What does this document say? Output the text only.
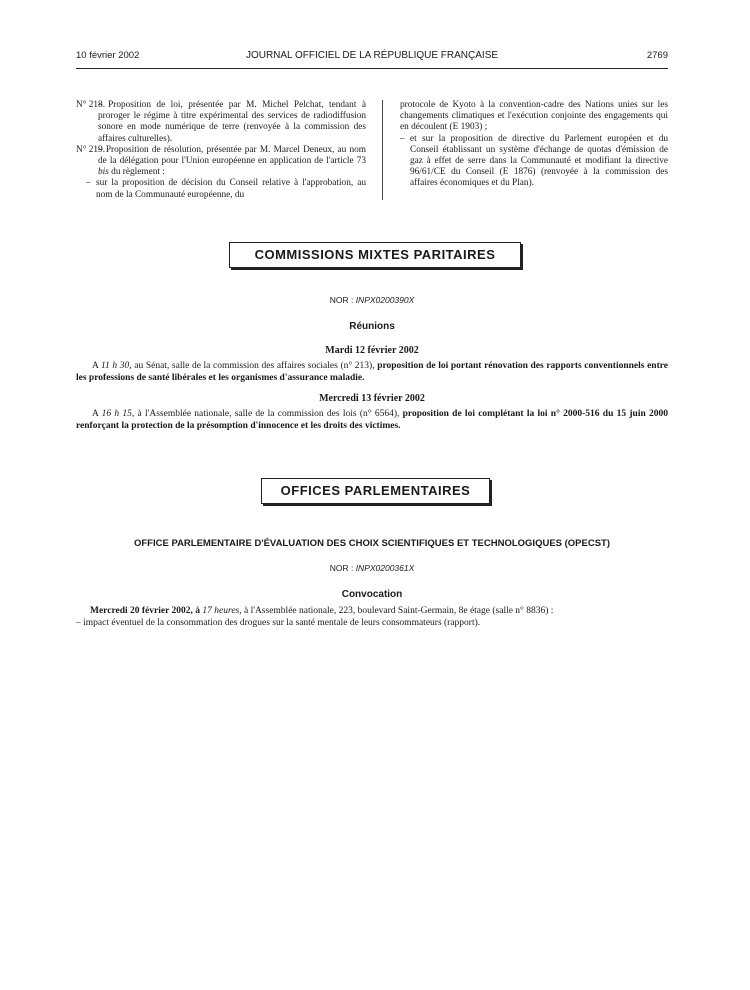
10 février 2002	JOURNAL OFFICIEL DE LA RÉPUBLIQUE FRANÇAISE	2769

N° 218.
– Proposition de loi, présentée par M. Michel Pelchat, tendant à proroger le régime à titre expérimental des services de radiodiffusion sonore en mode numérique de terre (renvoyée à la commission des affaires culturelles).

N° 219.
– Proposition de résolution, présentée par M. Marcel Deneux, au nom de la délégation pour l'Union européenne en application de l'article 73 bis du règlement :

– sur la proposition de décision du Conseil relative à l'approbation, au nom de la Communauté européenne, du

protocole de Kyoto à la convention-cadre des Nations unies sur les changements climatiques et l'exécution conjointe des engagements qui en découlent (E 1903) ;

– et sur la proposition de directive du Parlement européen et du Conseil établissant un système d'échange de quotas d'émission de gaz à effet de serre dans la Communauté et modifiant la directive 96/61/CE du Conseil (E 1876) (renvoyée à la commission des affaires économiques et du Plan).

COMMISSIONS MIXTES PARITAIRES
NOR : INPX0200390X
Réunions
Mardi 12 février 2002
A 11 h 30, au Sénat, salle de la commission des affaires sociales (n° 213), proposition de loi portant rénovation des rapports conventionnels entre les professions de santé libérales et les organismes d'assurance maladie.
Mercredi 13 février 2002
A 16 h 15, à l'Assemblée nationale, salle de la commission des lois (n° 6564), proposition de loi complétant la loi n° 2000-516 du 15 juin 2000 renforçant la protection de la présomption d'innocence et les droits des victimes.
OFFICES PARLEMENTAIRES
OFFICE PARLEMENTAIRE D'ÉVALUATION DES CHOIX SCIENTIFIQUES ET TECHNOLOGIQUES (OPECST)
NOR : INPX0200361X
Convocation
Mercredi 20 février 2002, à 17 heures, à l'Assemblée nationale, 223, boulevard Saint-Germain, 8e étage (salle n° 8836) :
– impact éventuel de la consommation des drogues sur la santé mentale de leurs consommateurs (rapport).
